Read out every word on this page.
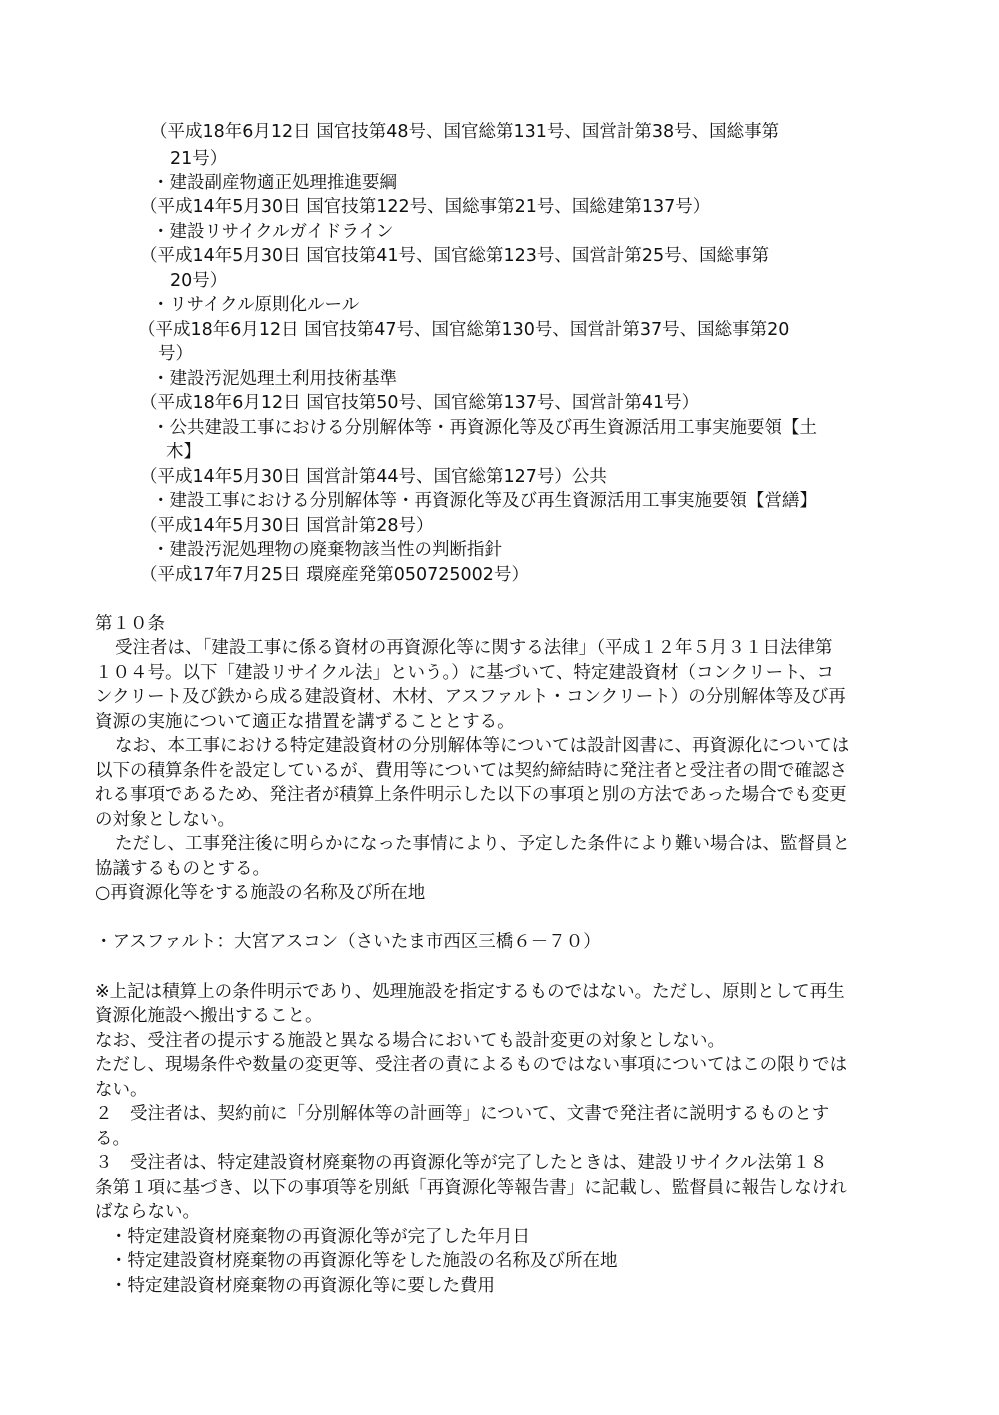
（平成18年6月12日 国官技第48号、国官総第131号、国営計第38号、国総事第
21号）
・建設副産物適正処理推進要綱
（平成14年5月30日 国官技第122号、国総事第21号、国総建第137号）
・建設リサイクルガイドライン
（平成14年5月30日 国官技第41号、国官総第123号、国営計第25号、国総事第
20号）
・リサイクル原則化ルール
（平成18年6月12日 国官技第47号、国官総第130号、国営計第37号、国総事第20
号）
・建設汚泥処理土利用技術基準
（平成18年6月12日 国官技第50号、国官総第137号、国営計第41号）
・公共建設工事における分別解体等・再資源化等及び再生資源活用工事実施要領【土
木】
（平成14年5月30日 国営計第44号、国官総第127号）公共
・建設工事における分別解体等・再資源化等及び再生資源活用工事実施要領【営繕】
（平成14年5月30日 国営計第28号）
・建設汚泥処理物の廃棄物該当性の判断指針
（平成17年7月25日 環廃産発第050725002号）
第１０条
受注者は、「建設工事に係る資材の再資源化等に関する法律」（平成１２年５月３１日法律第
１０４号。以下「建設リサイクル法」という。）に基づいて、特定建設資材（コンクリート、コ
ンクリート及び鉄から成る建設資材、木材、アスファルト・コンクリート）の分別解体等及び再
資源の実施について適正な措置を講ずることとする。
なお、本工事における特定建設資材の分別解体等については設計図書に、再資源化については
以下の積算条件を設定しているが、費用等については契約締結時に発注者と受注者の間で確認さ
れる事項であるため、発注者が積算上条件明示した以下の事項と別の方法であった場合でも変更
の対象としない。
ただし、工事発注後に明らかになった事情により、予定した条件により難い場合は、監督員と
協議するものとする。
○再資源化等をする施設の名称及び所在地
・アスファルト：大宮アスコン（さいたま市西区三橋６－７０）
※上記は積算上の条件明示であり、処理施設を指定するものではない。ただし、原則として再生
資源化施設へ搬出すること。
なお、受注者の提示する施設と異なる場合においても設計変更の対象としない。
ただし、現場条件や数量の変更等、受注者の責によるものではない事項についてはこの限りでは
ない。
２　受注者は、契約前に「分別解体等の計画等」について、文書で発注者に説明するものとす
る。
３　受注者は、特定建設資材廃棄物の再資源化等が完了したときは、建設リサイクル法第１８
条第１項に基づき、以下の事項等を別紙「再資源化等報告書」に記載し、監督員に報告しなけれ
ばならない。
・特定建設資材廃棄物の再資源化等が完了した年月日
・特定建設資材廃棄物の再資源化等をした施設の名称及び所在地
・特定建設資材廃棄物の再資源化等に要した費用
